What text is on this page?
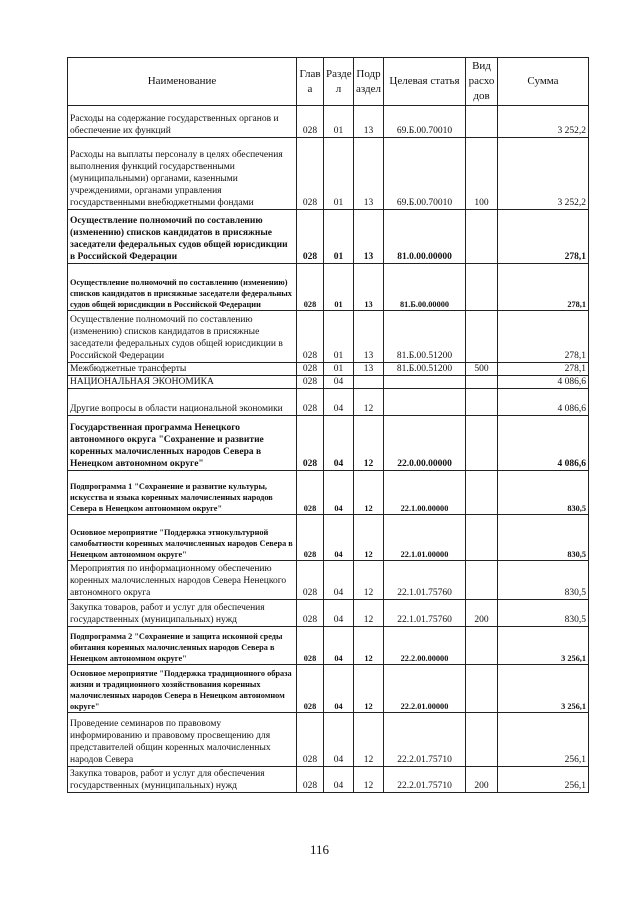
Наименование	Глав а	Разде л	Подр аздел	Целевая статья	Вид расхо дов	Сумма
Расходы на содержание государственных органов и обеспечение их функций	028	01	13	69.Б.00.70010		3 252,2
Расходы на выплаты персоналу в целях обеспечения выполнения функций государственными (муниципальными) органами, казенными учреждениями, органами управления государственными внебюджетными фондами	028	01	13	69.Б.00.70010	100	3 252,2
Осуществление полномочий по составлению (изменению) списков кандидатов в присяжные заседатели федеральных судов общей юрисдикции в Российской Федерации	028	01	13	81.0.00.00000		278,1
Осуществление полномочий по составлению (изменению) списков кандидатов в присяжные заседатели федеральных судов общей юрисдикции в Российской Федерации	028	01	13	81.Б.00.00000		278,1
Осуществление полномочий по составлению (изменению) списков кандидатов в присяжные заседатели федеральных судов общей юрисдикции в Российской Федерации	028	01	13	81.Б.00.51200		278,1
Межбюджетные трансферты	028	01	13	81.Б.00.51200	500	278,1
НАЦИОНАЛЬНАЯ ЭКОНОМИКА	028	04				4 086,6
Другие вопросы в области национальной экономики	028	04	12			4 086,6
Государственная программа Ненецкого автономного округа "Сохранение и развитие коренных малочисленных народов Севера в Ненецком автономном округе"	028	04	12	22.0.00.00000		4 086,6
Подпрограмма 1 "Сохранение и развитие культуры, искусства и языка коренных малочисленных народов Севера в Ненецком автономном округе"	028	04	12	22.1.00.00000		830,5
Основное мероприятие "Поддержка этнокультурной самобытности коренных малочисленных народов Севера в Ненецком автономном округе"	028	04	12	22.1.01.00000		830,5
Мероприятия по информационному обеспечению коренных малочисленных народов Севера Ненецкого автономного округа	028	04	12	22.1.01.75760		830,5
Закупка товаров, работ и услуг для обеспечения государственных (муниципальных) нужд	028	04	12	22.1.01.75760	200	830,5
Подпрограмма 2 "Сохранение и защита исконной среды обитания коренных малочисленных народов Севера в Ненецком автономном округе"	028	04	12	22.2.00.00000		3 256,1
Основное мероприятие "Поддержка традиционного образа жизни и традиционного хозяйствования коренных малочисленных народов Севера в Ненецком автономном округе"	028	04	12	22.2.01.00000		3 256,1
Проведение семинаров по правовому информированию и правовому просвещению для представителей общин коренных малочисленных народов Севера	028	04	12	22.2.01.75710		256,1
Закупка товаров, работ и услуг для обеспечения государственных (муниципальных) нужд	028	04	12	22.2.01.75710	200	256,1
116
